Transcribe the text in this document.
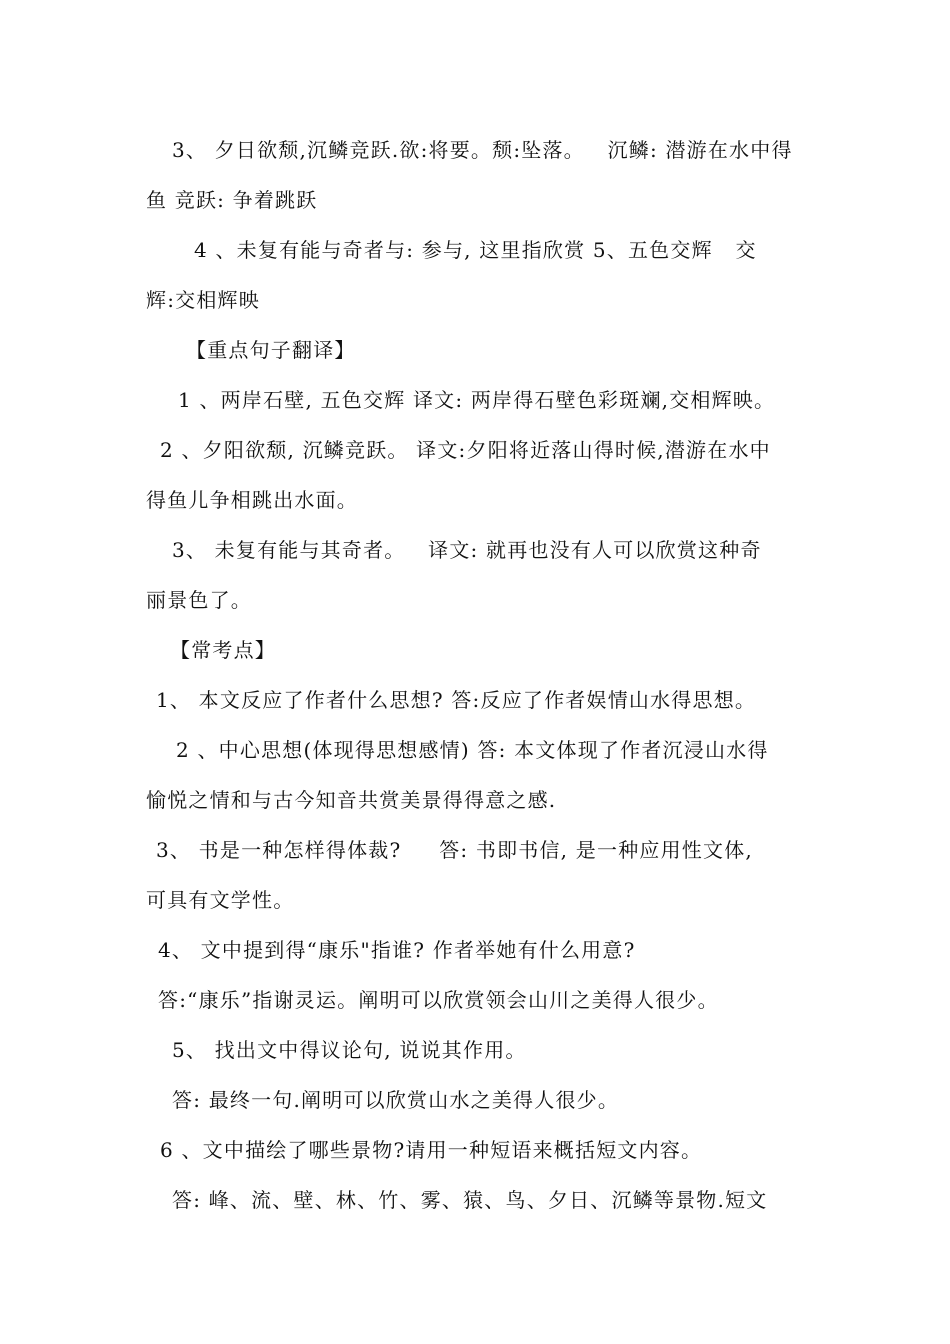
3、 夕日欲颓,沉鳞竞跃.欲:将要。颓:坠落。   沉鳞: 潜游在水中得
鱼 竞跃: 争着跳跃
4 、未复有能与奇者与: 参与, 这里指欣赏 5、五色交辉   交
辉:交相辉映
【重点句子翻译】
1 、两岸石壁, 五色交辉 译文: 两岸得石壁色彩斑斓,交相辉映。
2 、夕阳欲颓, 沉鳞竞跃。 译文:夕阳将近落山得时候,潜游在水中
得鱼儿争相跳出水面。
3、 未复有能与其奇者。   译文: 就再也没有人可以欣赏这种奇
丽景色了。
【常考点】
1、 本文反应了作者什么思想? 答:反应了作者娱情山水得思想。
2 、中心思想(体现得思想感情) 答: 本文体现了作者沉浸山水得
愉悦之情和与古今知音共赏美景得得意之感.
3、 书是一种怎样得体裁?     答: 书即书信, 是一种应用性文体,
可具有文学性。
4、 文中提到得“康乐"指谁? 作者举她有什么用意?
答:“康乐”指谢灵运。阐明可以欣赏领会山川之美得人很少。
5、 找出文中得议论句, 说说其作用。
答: 最终一句.阐明可以欣赏山水之美得人很少。
6 、文中描绘了哪些景物?请用一种短语来概括短文内容。
答: 峰、流、壁、林、竹、雾、猿、鸟、夕日、沉鳞等景物.短文
